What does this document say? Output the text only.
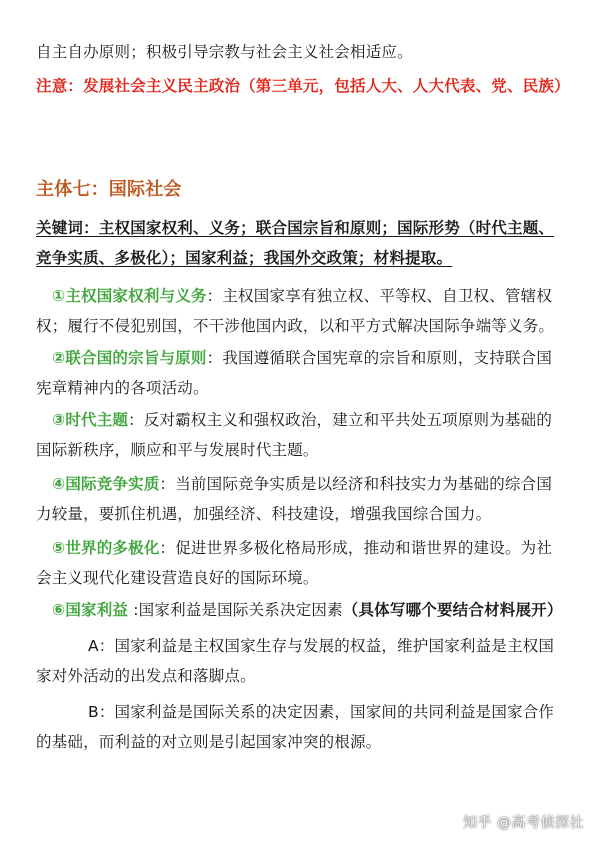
自主自办原则；积极引导宗教与社会主义社会相适应。
注意：发展社会主义民主政治（第三单元，包括人大、人大代表、党、民族）
主体七：国际社会
关键词：主权国家权利、义务；联合国宗旨和原则；国际形势（时代主题、
竞争实质、多极化）；国家利益；我国外交政策；材料提取。
①主权国家权利与义务：主权国家享有独立权、平等权、自卫权、管辖权
权；履行不侵犯别国，不干涉他国内政，以和平方式解决国际争端等义务。
②联合国的宗旨与原则：我国遵循联合国宪章的宗旨和原则，支持联合国
宪章精神内的各项活动。
③时代主题：反对霸权主义和强权政治，建立和平共处五项原则为基础的
国际新秩序，顺应和平与发展时代主题。
④国际竞争实质：当前国际竞争实质是以经济和科技实力为基础的综合国
力较量，要抓住机遇，加强经济、科技建设，增强我国综合国力。
⑤世界的多极化：促进世界多极化格局形成，推动和谐世界的建设。为社
会主义现代化建设营造良好的国际环境。
⑥国家利益 :国家利益是国际关系决定因素（具体写哪个要结合材料展开）
A：国家利益是主权国家生存与发展的权益，维护国家利益是主权国
家对外活动的出发点和落脚点。
B：国家利益是国际关系的决定因素，国家间的共同利益是国家合作
的基础，而利益的对立则是引起国家冲突的根源。
知乎 @高考侦探社
